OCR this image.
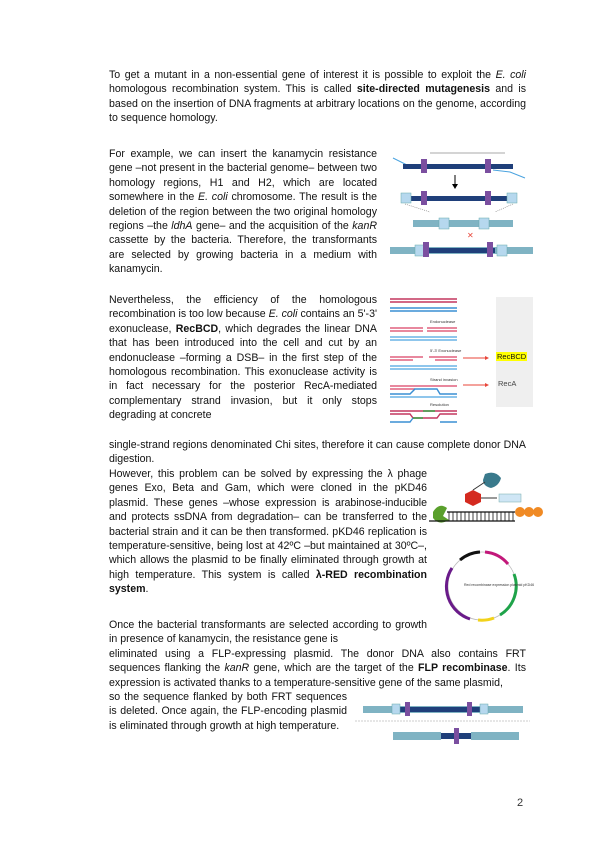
To get a mutant in a non-essential gene of interest it is possible to exploit the E. coli homologous recombination system. This is called site-directed mutagenesis and is based on the insertion of DNA fragments at arbitrary locations on the genome, according to sequence homology.
For example, we can insert the kanamycin resistance gene –not present in the bacterial genome– between two homology regions, H1 and H2, which are located somewhere in the E. coli chromosome. The result is the deletion of the region between the two original homology regions –the ldhA gene– and the acquisition of the kanR cassette by the bacteria. Therefore, the transformants are selected by growing bacteria in a medium with kanamycin.
✕
Nevertheless, the efficiency of the homologous recombination is too low because E. coli contains an 5'-3' exonuclease, RecBCD, which degrades the linear DNA that has been introduced into the cell and cut by an endonuclease –forming a DSB– in the first step of the homologous recombination. This exonuclease activity is in fact necessary for the posterior RecA-mediated complementary strand invasion, but it only stops degrading at concrete
single-strand regions denominated Chi sites, therefore it can cause complete donor DNA digestion.
Endonuclease
5'-3' Exonuclease
Strand invasion
Resolution
RecBCD
RecA
However, this problem can be solved by expressing the λ phage genes Exo, Beta and Gam, which were cloned in the pKD46 plasmid. These genes –whose expression is arabinose-inducible and protects ssDNA from degradation– can be transferred to the bacterial strain and it can be then transformed. pKD46 replication is temperature-sensitive, being lost at 42ºC –but maintained at 30ºC–, which allows the plasmid to be finally eliminated through growth at high temperature. This system is called λ-RED recombination system.	Red recombinase expression plasmid pKD46
Once the bacterial transformants are selected according to growth in presence of kanamycin, the resistance gene is
eliminated using a FLP-expressing plasmid. The donor DNA also contains FRT sequences flanking the kanR gene, which are the target of the FLP recombinase. Its expression is activated thanks to a temperature-sensitive gene of the same plasmid,
so the sequence flanked by both FRT sequences is deleted. Once again, the FLP-encoding plasmid is eliminated through growth at high temperature.
2
